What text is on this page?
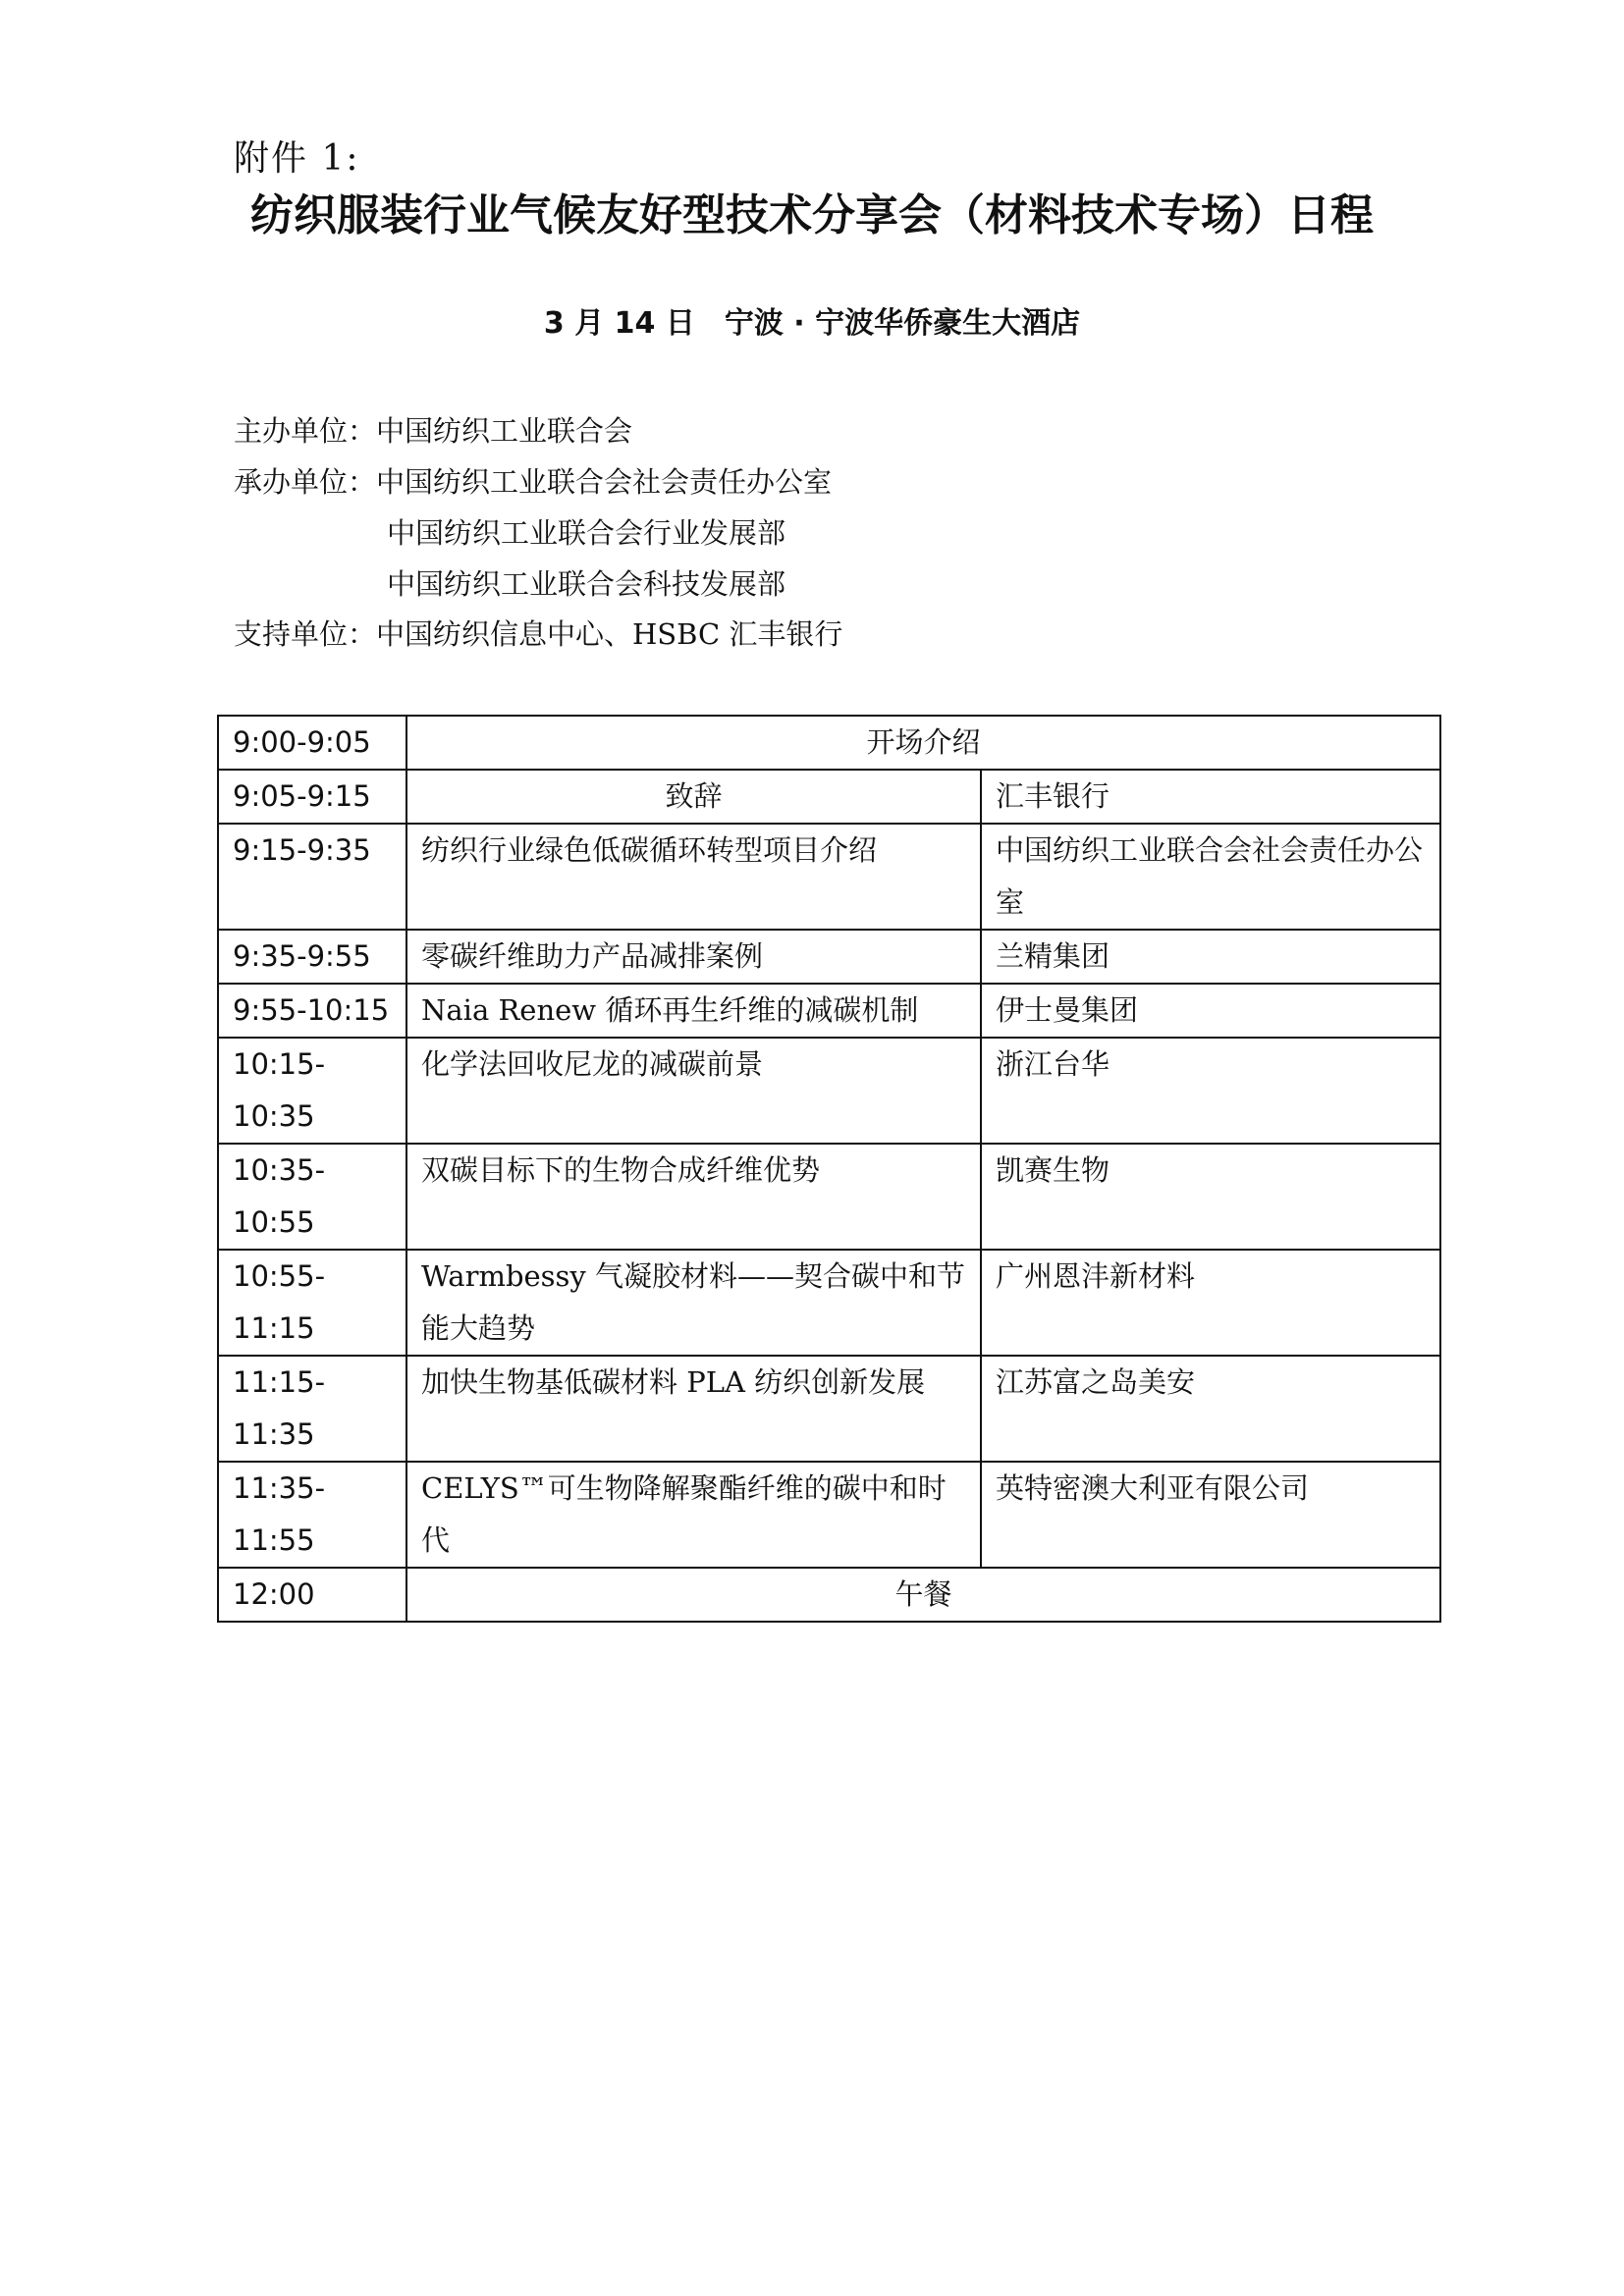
附件 1:
纺织服装行业气候友好型技术分享会（材料技术专场）日程
3 月 14 日　宁波 · 宁波华侨豪生大酒店
主办单位：中国纺织工业联合会
承办单位：中国纺织工业联合会社会责任办公室
中国纺织工业联合会行业发展部
中国纺织工业联合会科技发展部
支持单位：中国纺织信息中心、HSBC 汇丰银行
9:00-9:05	开场介绍	
9:05-9:15	致辞	汇丰银行
9:15-9:35	纺织行业绿色低碳循环转型项目介绍	中国纺织工业联合会社会责任办公室
9:35-9:55	零碳纤维助力产品减排案例	兰精集团
9:55-10:15	Naia Renew 循环再生纤维的减碳机制	伊士曼集团
10:15-10:35	化学法回收尼龙的减碳前景	浙江台华
10:35-10:55	双碳目标下的生物合成纤维优势	凯赛生物
10:55-11:15	Warmbessy 气凝胶材料——契合碳中和节能大趋势	广州恩沣新材料
11:15-11:35	加快生物基低碳材料 PLA 纺织创新发展	江苏富之岛美安
11:35-11:55	CELYS™可生物降解聚酯纤维的碳中和时代	英特密澳大利亚有限公司
12:00	午餐	
